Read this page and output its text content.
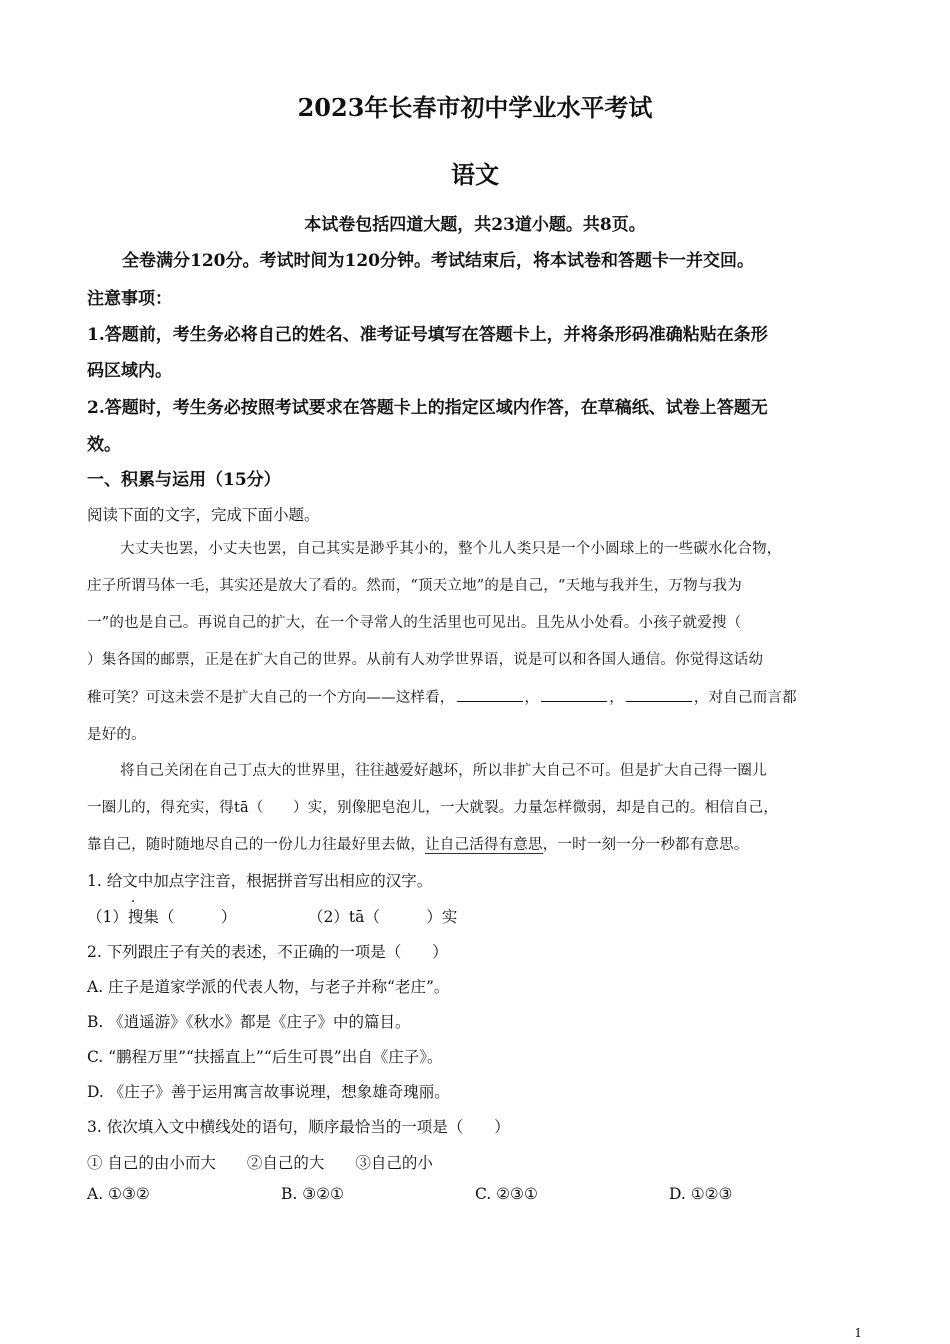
2023年长春市初中学业水平考试
语文
本试卷包括四道大题，共23道小题。共8页。
全卷满分120分。考试时间为120分钟。考试结束后，将本试卷和答题卡一并交回。
注意事项：
1.答题前，考生务必将自己的姓名、准考证号填写在答题卡上，并将条形码准确粘贴在条形
码区域内。
2.答题时，考生务必按照考试要求在答题卡上的指定区域内作答，在草稿纸、试卷上答题无
效。
一、积累与运用（15分）
阅读下面的文字，完成下面小题。
大丈夫也罢，小丈夫也罢，自己其实是渺乎其小的，整个儿人类只是一个小圆球上的一些碳水化合物，
庄子所谓马体一毛，其实还是放大了看的。然而，“顶天立地”的是自己，“天地与我并生，万物与我为
一”的也是自己。再说自己的扩大，在一个寻常人的生活里也可见出。且先从小处看。小孩子就爱搜（
）集各国的邮票，正是在扩大自己的世界。从前有人劝学世界语，说是可以和各国人通信。你觉得这话幼
稚可笑？可这未尝不是扩大自己的一个方向——这样看，	，	，	，对自己而言都
是好的。
将自己关闭在自己丁点大的世界里，往往越爱好越坏，所以非扩大自己不可。但是扩大自己得一圈儿
一圈儿的，得充实，得tā（　　）实，别像肥皂泡儿，一大就裂。力量怎样微弱，却是自己的。相信自己，
靠自己，随时随地尽自己的一份儿力往最好里去做，让自己活得有意思，一时一刻一分一秒都有意思。
1. 给文中加点字注音，根据拼音写出相应的汉字。
（1）搜集（　　　）	（2）tā（　　　）实
2. 下列跟庄子有关的表述，不正确的一项是（　　）
A. 庄子是道家学派的代表人物，与老子并称“老庄”。
B. 《逍遥游》《秋水》都是《庄子》中的篇目。
C. “鹏程万里”“扶摇直上”“后生可畏”出自《庄子》。
D. 《庄子》善于运用寓言故事说理，想象雄奇瑰丽。
3. 依次填入文中横线处的语句，顺序最恰当的一项是（　　）
① 自己的由小而大　　②自己的大　　③自己的小
A. ①③②	B. ③②①	C. ②③①	D. ①②③
1
